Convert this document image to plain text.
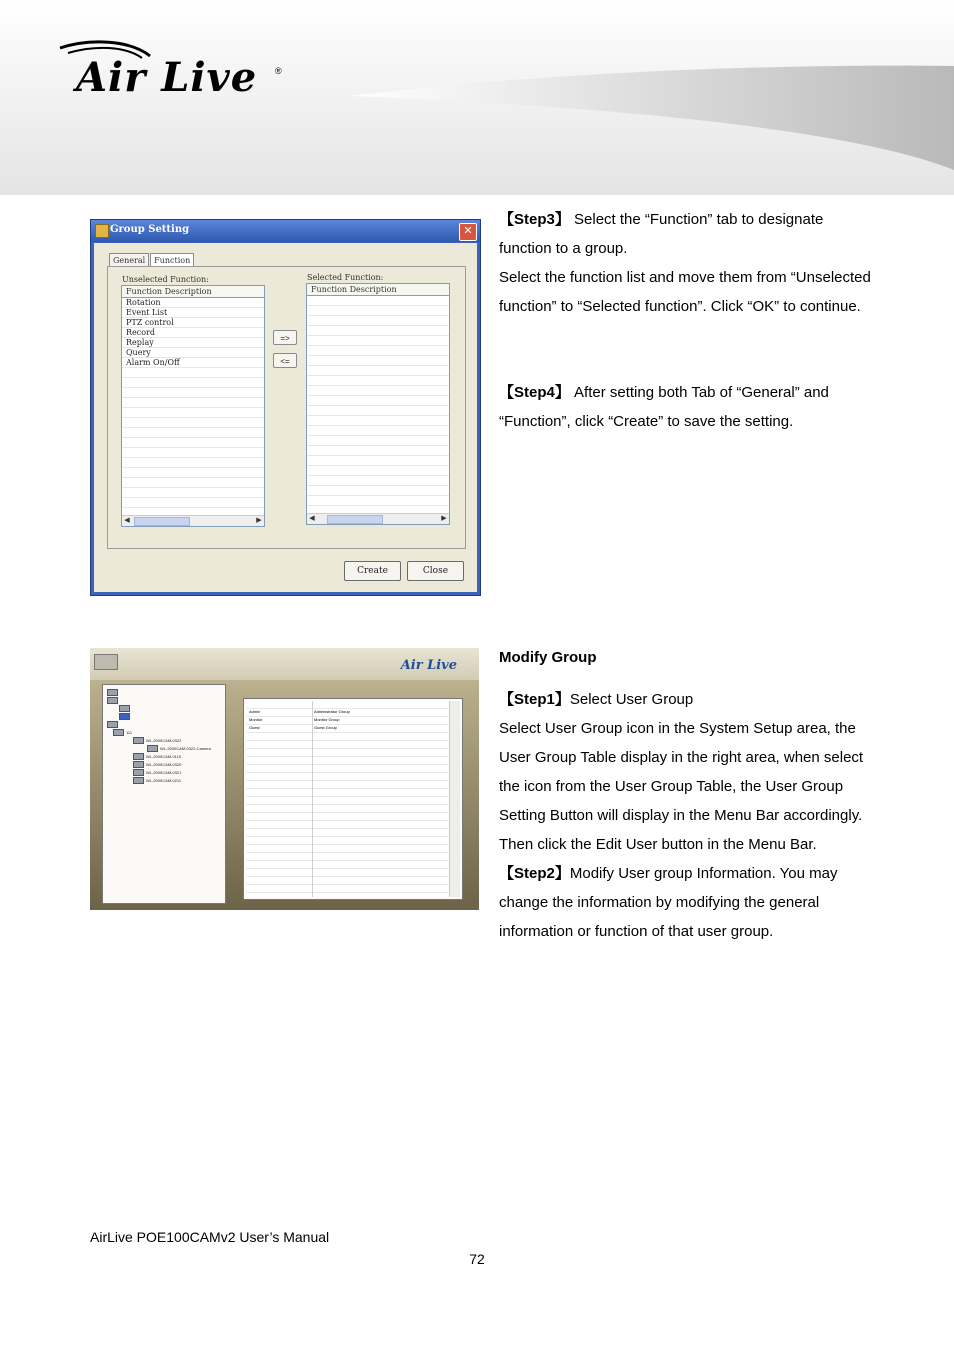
Air Live ®
Group Setting	✕
General Function
Unselected Function:	Selected Function:
Function Description
Rotation
Event List
PTZ control
Record
Replay
Query
Alarm On/Off
◀	▶
=>
<=
Function Description
◀	▶
Create	Close
Air Live
111
WL-2000CAM-0322
WL-2000CAM-0322-Camera
WL-2000CAM-0115
WL-2000CAM-0320
WL-2000CAM-0321
WL-2000CAM-0211
Admin	Administrator Group
Monitor	Monitor Group
Guest	Guest Group
【Step3】 Select the “Function” tab to designate function to a group.
Select the function list and move them from “Unselected function” to “Selected function”. Click “OK” to continue.
【Step4】 After setting both Tab of “General” and “Function”, click “Create” to save the setting.
Modify Group
【Step1】Select User Group
Select User Group icon in the System Setup area, the User Group Table display in the right area, when select the icon from the User Group Table, the User Group Setting Button will display in the Menu Bar accordingly. Then click the Edit User button in the Menu Bar.
【Step2】Modify User group Information. You may change the information by modifying the general information or function of that user group.
AirLive POE100CAMv2 User’s Manual
72
